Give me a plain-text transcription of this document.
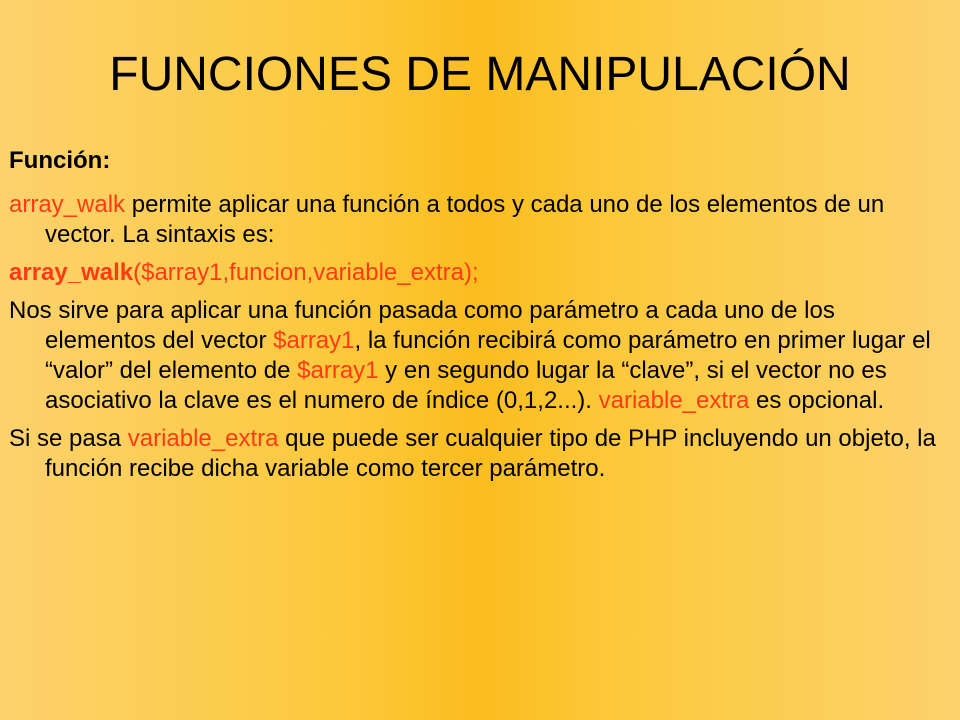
FUNCIONES DE MANIPULACIÓN

Función:

array_walk permite aplicar una función a todos y cada uno de los elementos de un vector. La sintaxis es:

array_walk($array1,funcion,variable_extra);

Nos sirve para aplicar una función pasada como parámetro a cada uno de los elementos del vector $array1, la función recibirá como parámetro en primer lugar el “valor” del elemento de $array1 y en segundo lugar la “clave”, si el vector no es asociativo la clave es el numero de índice (0,1,2...). variable_extra es opcional.

Si se pasa variable_extra que puede ser cualquier tipo de PHP incluyendo un objeto, la función recibe dicha variable como tercer parámetro.
